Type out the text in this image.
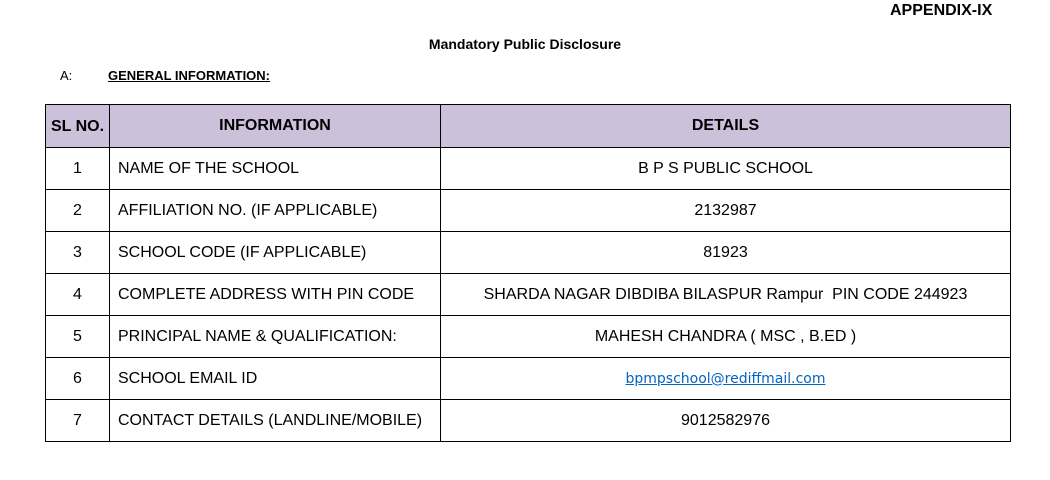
APPENDIX-IX
Mandatory Public Disclosure
A:	GENERAL INFORMATION:
SL NO.	INFORMATION	DETAILS
1	NAME OF THE SCHOOL	B P S PUBLIC SCHOOL
2	AFFILIATION NO. (IF APPLICABLE)	2132987
3	SCHOOL CODE (IF APPLICABLE)	81923
4	COMPLETE ADDRESS WITH PIN CODE	SHARDA NAGAR DIBDIBA BILASPUR Rampur  PIN CODE 244923
5	PRINCIPAL NAME & QUALIFICATION:	MAHESH CHANDRA ( MSC , B.ED )
6	SCHOOL EMAIL ID	bpmpschool@rediffmail.com
7	CONTACT DETAILS (LANDLINE/MOBILE)	9012582976
